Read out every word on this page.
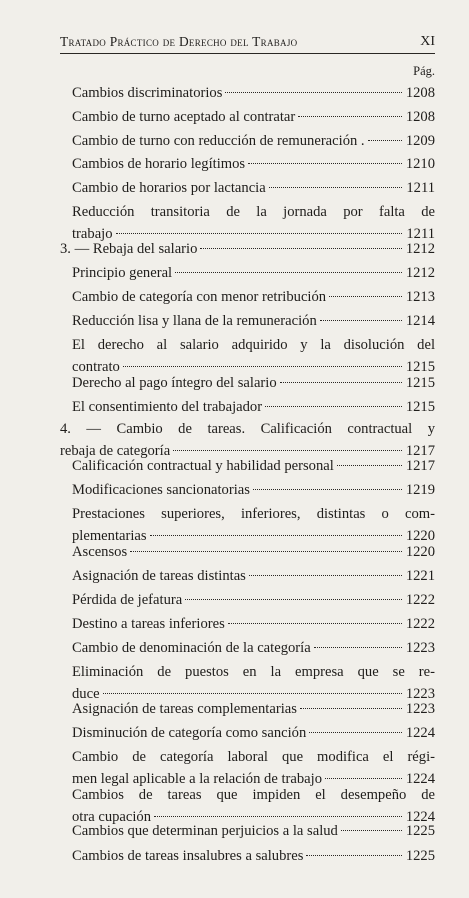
Tratado Práctico de Derecho del Trabajo	XI
Pág.
Cambios discriminatorios	1208
Cambio de turno aceptado al contratar	1208
Cambio de turno con reducción de remuneración .	1209
Cambios de horario legítimos	1210
Cambio de horarios por lactancia	1211
Reducción transitoria de la jornada por falta de
trabajo	1211
3. — Rebaja del salario	1212
Principio general	1212
Cambio de categoría con menor retribución	1213
Reducción lisa y llana de la remuneración	1214
El derecho al salario adquirido y la disolución del
contrato	1215
Derecho al pago íntegro del salario	1215
El consentimiento del trabajador	1215
4. — Cambio de tareas. Calificación contractual y
rebaja de categoría	1217
Calificación contractual y habilidad personal	1217
Modificaciones sancionatorias	1219
Prestaciones superiores, inferiores, distintas o com-
plementarias	1220
Ascensos	1220
Asignación de tareas distintas	1221
Pérdida de jefatura	1222
Destino a tareas inferiores	1222
Cambio de denominación de la categoría	1223
Eliminación de puestos en la empresa que se re-
duce	1223
Asignación de tareas complementarias	1223
Disminución de categoría como sanción	1224
Cambio de categoría laboral que modifica el régi-
men legal aplicable a la relación de trabajo	1224
Cambios de tareas que impiden el desempeño de
otra cupación	1224
Cambios que determinan perjuicios a la salud	1225
Cambios de tareas insalubres a salubres	1225
